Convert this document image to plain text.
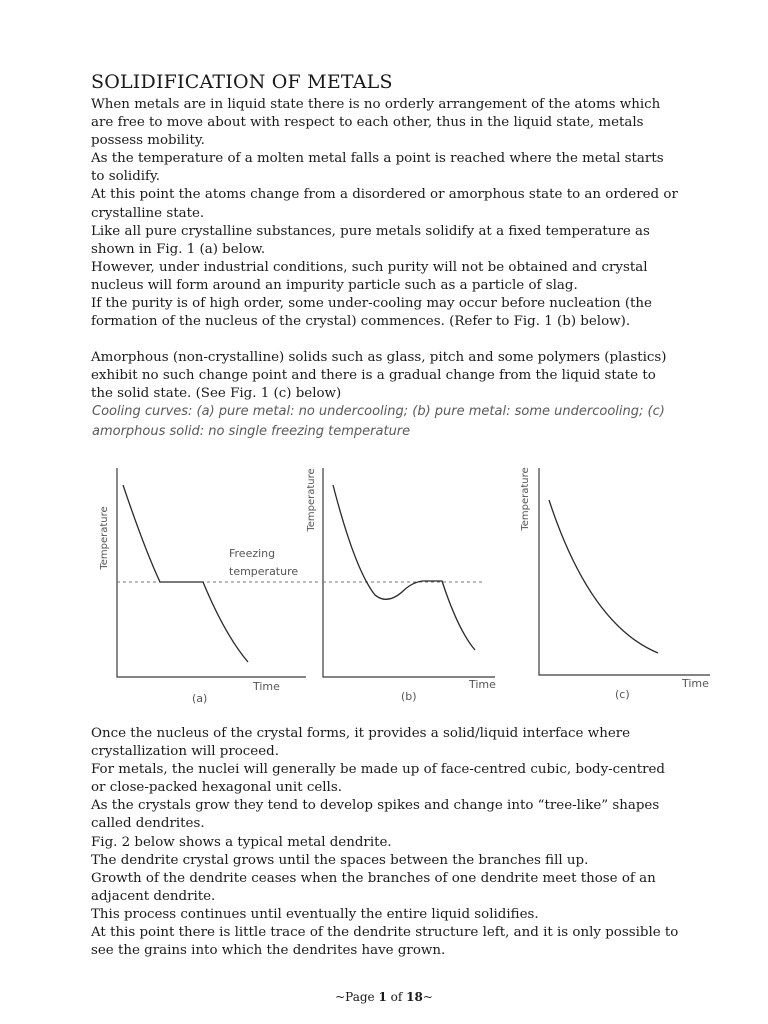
SOLIDIFICATION OF METALS

When metals are in liquid state there is no orderly arrangement of the atoms which are free to move about with respect to each other, thus in the liquid state, metals possess mobility.

As the temperature of a molten metal falls a point is reached where the metal starts to solidify.

At this point the atoms change from a disordered or amorphous state to an ordered or crystalline state.

Like all pure crystalline substances, pure metals solidify at a fixed temperature as shown in Fig. 1 (a) below.

However, under industrial conditions, such purity will not be obtained and crystal nucleus will form around an impurity particle such as a particle of slag.

If the purity is of high order, some under-cooling may occur before nucleation (the formation of the nucleus of the crystal) commences. (Refer to Fig. 1 (b) below).

Amorphous (non-crystalline) solids such as glass, pitch and some polymers (plastics) exhibit no such change point and there is a gradual change from the liquid state to the solid state. (See Fig. 1 (c) below)

Cooling curves: (a) pure metal: no undercooling; (b) pure metal: some undercooling; (c) amorphous solid: no single freezing temperature
Temperature
Time
(a)
Freezing
temperature
Temperature
Time
(b)
Temperature
Time
(c)

Once the nucleus of the crystal forms, it provides a solid/liquid interface where crystallization will proceed.

For metals, the nuclei will generally be made up of face-centred cubic, body-centred or close-packed hexagonal unit cells.

As the crystals grow they tend to develop spikes and change into “tree-like” shapes called dendrites.

Fig. 2 below shows a typical metal dendrite.

The dendrite crystal grows until the spaces between the branches fill up.

Growth of the dendrite ceases when the branches of one dendrite meet those of an adjacent dendrite.

This process continues until eventually the entire liquid solidifies.

At this point there is little trace of the dendrite structure left, and it is only possible to see the grains into which the dendrites have grown.

~Page 1 of 18~
